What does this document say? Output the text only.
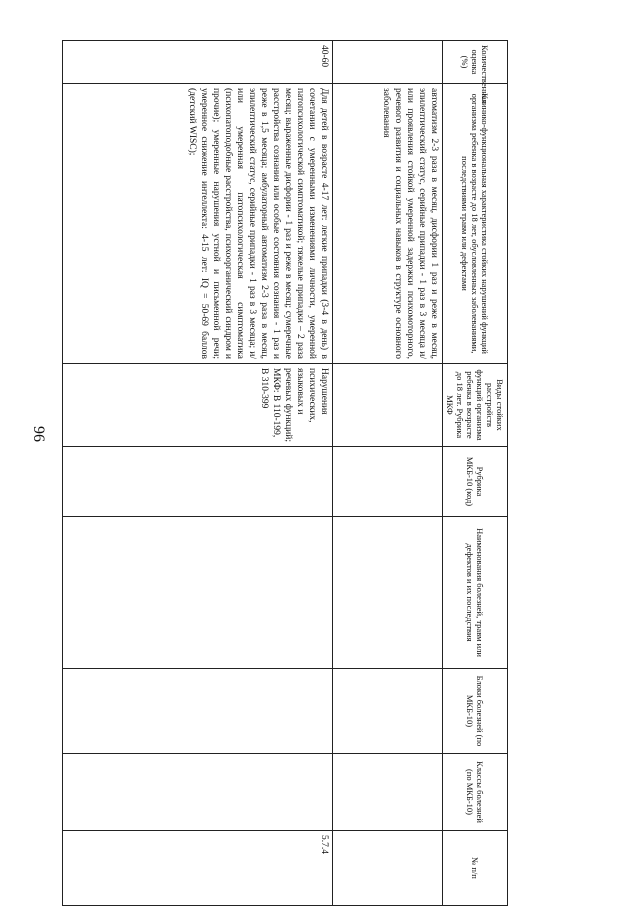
96
Количественная оценка (%)	Клинико-функциональная характеристика стойких нарушений функций организма ребенка в возрасте до 18 лет, обусловленных заболеваниями, последствиями травм или дефектами	Виды стойких расстройств функций организма ребенка в возрасте до 18 лет. Рубрика МКФ	Рубрика МКБ-10 (код)	Наименования болезней, травм или дефектов и их последствия	Блоки болезней (по МКБ-10)	Классы болезней (по МКБ-10)	№ п/п
	автоматизм 2-3 раза в месяц, дисфории 1 раз и реже в месяц, эпилептический статус, серийные припадки - 1 раз в 3 месяца и/или проявления стойкой умеренной задержки психомоторного, речевого развития и социальных навыков в структуре основного заболевания						
40-60	Для детей в возрасте 4-17 лет: легкие припадки (3-4 в день) в сочетании с умеренными изменениями личности, умеренной патопсихологической симптоматикой; тяжелые припадки – 2 раза месяц; выраженные дисфории - 1 раз и реже в месяц; сумеречные расстройства сознания или особые состояния сознания - 1 раз и реже в 1,5 месяца; амбулаторный автоматизм 2-3 раза в месяц, эпилептический статус, серийные припадки - 1 раз в 3 месяца; и/или умеренная патопсихологическая симптоматика (психопатоподобные расстройства, психоорганический синдром и прочие); умеренные нарушения устной и письменной речи; умеренное снижение интеллекта: 4-15 лет: IQ = 50-69 баллов (детский WISC);	Нарушения психических, языковых и речевых функций; МКФ: В 110-199, В 310-399					5.7.4
